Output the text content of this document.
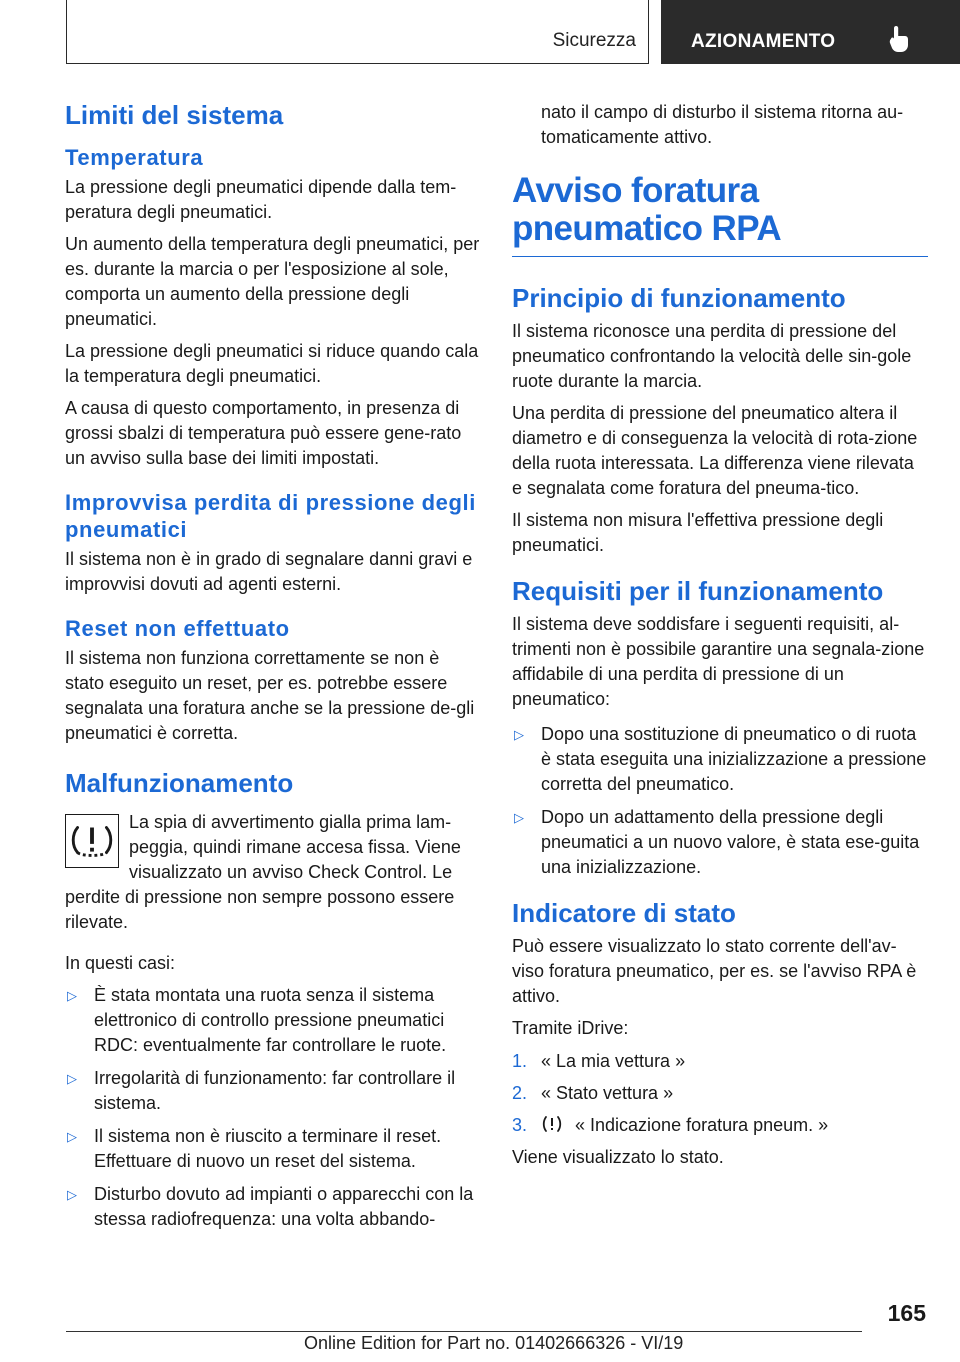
Sicurezza	AZIONAMENTO
Limiti del sistema
Temperatura

La pressione degli pneumatici dipende dalla tem-peratura degli pneumatici.

Un aumento della temperatura degli pneumatici, per es. durante la marcia o per l'esposizione al sole, comporta un aumento della pressione degli pneumatici.

La pressione degli pneumatici si riduce quando cala la temperatura degli pneumatici.

A causa di questo comportamento, in presenza di grossi sbalzi di temperatura può essere gene-rato un avviso sulla base dei limiti impostati.

Improvvisa perdita di pressione degli pneumatici

Il sistema non è in grado di segnalare danni gravi e improvvisi dovuti ad agenti esterni.

Reset non effettuato

Il sistema non funziona correttamente se non è stato eseguito un reset, per es. potrebbe essere segnalata una foratura anche se la pressione de-gli pneumatici è corretta.

Malfunzionamento

La spia di avvertimento gialla prima lam-peggia, quindi rimane accesa fissa. Viene visualizzato un avviso Check Control. Le perdite di pressione non sempre possono essere rilevate.

In questi casi:

▷ È stata montata una ruota senza il sistema elettronico di controllo pressione pneumatici RDC: eventualmente far controllare le ruote.
▷ Irregolarità di funzionamento: far controllare il sistema.
▷ Il sistema non è riuscito a terminare il reset. Effettuare di nuovo un reset del sistema.
▷ Disturbo dovuto ad impianti o apparecchi con la stessa radiofrequenza: una volta abbando-

nato il campo di disturbo il sistema ritorna au-tomaticamente attivo.

Avviso foratura pneumatico RPA
Principio di funzionamento

Il sistema riconosce una perdita di pressione del pneumatico confrontando la velocità delle sin-gole ruote durante la marcia.

Una perdita di pressione del pneumatico altera il diametro e di conseguenza la velocità di rota-zione della ruota interessata. La differenza viene rilevata e segnalata come foratura del pneuma-tico.

Il sistema non misura l'effettiva pressione degli pneumatici.

Requisiti per il funzionamento

Il sistema deve soddisfare i seguenti requisiti, al-trimenti non è possibile garantire una segnala-zione affidabile di una perdita di pressione di un pneumatico:

▷ Dopo una sostituzione di pneumatico o di ruota è stata eseguita una inizializzazione a pressione corretta del pneumatico.
▷ Dopo un adattamento della pressione degli pneumatici a un nuovo valore, è stata ese-guita una inizializzazione.
Indicatore di stato

Può essere visualizzato lo stato corrente dell'av-viso foratura pneumatico, per es. se l'avviso RPA è attivo.

Tramite iDrive:

1. « La mia vettura »
2. « Stato vettura »
3.	« Indicazione foratura pneum. »

Viene visualizzato lo stato.

165
Online Edition for Part no. 01402666326 - VI/19
